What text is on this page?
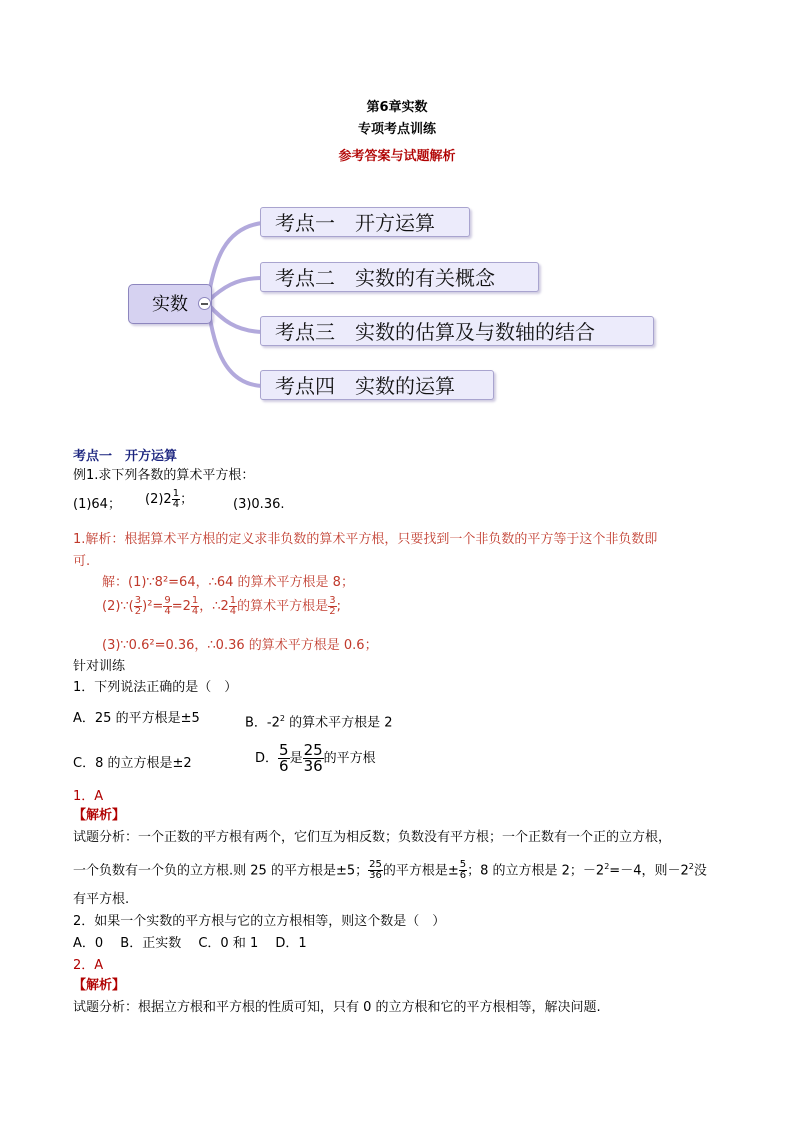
第6章实数
专项考点训练
参考答案与试题解析
实数
考点一　开方运算
考点二　实数的有关概念
考点三　实数的估算及与数轴的结合
考点四　实数的运算
考点一　开方运算
例1.求下列各数的算术平方根：
(1)64； $(2)2 \frac{1}{4}$ ；	(3)0.36.
1.解析：根据算术平方根的定义求非负数的算术平方根，只要找到一个非负数的平方等于这个非负数即
可.
解：(1)∵8²=64，∴64 的算术平方根是 8；
(2)∵( $\frac{3}{2} )^2= \frac{9}{4} =2 \frac{1}{4}$ ，∴2 $\frac{1}{4}$ 的算术平方根是 $\frac{3}{2}$ ;
(3)∵0.6²=0.36，∴0.36 的算术平方根是 0.6；
针对训练
1．下列说法正确的是（　）
A．25 的平方根是±5	B．$-2^2$ 的算术平方根是 2
C．8 的立方根是±2	D． $\frac{5}{6}$ 是 $\frac{25}{36}$ 的平方根
1．A
【解析】
试题分析：一个正数的平方根有两个，它们互为相反数；负数没有平方根；一个正数有一个正的立方根，
一个负数有一个负的立方根.则 25 的平方根是±5； $\frac{25}{36}$ 的平方根是± $\frac{5}{6}$ ；8 的立方根是 2；$-2^2=-4$，则$-2^2$没
有平方根.
2．如果一个实数的平方根与它的立方根相等，则这个数是（　）
A．0　 B．正实数　 C．0 和 1　 D．1
2．A
【解析】
试题分析：根据立方根和平方根的性质可知，只有 0 的立方根和它的平方根相等，解决问题.
